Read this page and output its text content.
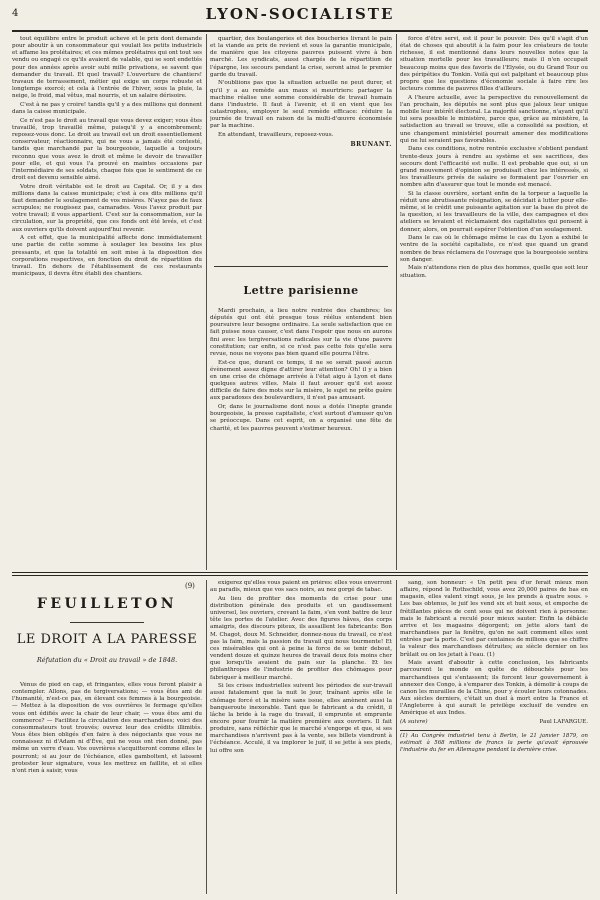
4	LYON-SOCIALISTE

tout équilibre entre le produit achevé et le prix dont demande pour aboutir à un consommateur qui voulait les petits industriels et affame les prolétaires; et ces mêmes prolétaires qui ont tout ses vendu ou engagé ce qu'ils avaient de valable, qui se sont endettés pour des années après avoir subi mille privations, se savent que demander du travail. Et quel travail? L'ouverture de chantiers! travaux de terrassement, métier qui exige un corps robuste et longtemps exercé; et cela à l'entrée de l'hiver, sous la pluie, la neige, le froid, mal vêtus, mal nourris, et un salaire dérisoire.

C'est à ne pas y croire! tandis qu'il y a des millions qui donnent dans la caisse municipale.

Ce n'est pas le droit au travail que vous devez exiger; vous êtes travaillé, trop travaillé même, puisqu'il y a encombrement; reposez-vous donc. Le droit au travail est un droit essentiellement conservateur, réactionnaire, qui ne vous a jamais été contesté, tandis que marchandé par la bourgeoisie, laquelle a toujours reconnu que vous avez le droit et même le devoir de travailler pour elle, et qui vous l'a prouvé en maintes occasions par l'intermédiaire de ses soldats, chaque fois que le sentiment de ce droit est devenu sensible aimé.

Votre droit véritable est le droit au Capital. Or, il y a des millions dans la caisse municipale; c'est à ces dits millions qu'il faut demander le soulagement de vos misères. N'ayez pas de faux scrupules; ne rougissez pas, camarades. Vous l'avez produit par votre travail; il vous appartient. C'est sur la consommation, sur la circulation, sur la propriété, que ces fonds ont été levés, et c'est aux ouvriers qu'ils doivent aujourd'hui revenir.

A cet effet, que la municipalité affecte donc immédiatement une partie de cette somme à soulager les besoins les plus pressants, et que la totalité en soit mise à la disposition des corporations respectives, en fonction du droit de répartition du travail. En dehors de l'établissement de ces restaurants municipaux, il devra être établi des chantiers.

quartier, des boulangeries et des boucheries livrant le pain et la viande au prix de revient et sous la garantie municipale, de manière que les citoyens pauvres puissent vivre à bon marché. Les syndicats, aussi chargés de la répartition de l'épargne, les secours pendant la crise, seront ainsi le premier garde du travail.

N'oubliions pas que la situation actuelle ne peut durer, et qu'il y a au remède aux maux si meurtriers: partager la machine réalise une somme considérable de travail humain dans l'industrie. Il faut à l'avenir, et il en vient que les catastrophes, employer le seul remède efficace: réduire la journée de travail en raison de la multi-d'œuvre économisée par la machine.

En attendant, travailleurs, reposez-vous.

BRUNANT.
Lettre parisienne

Mardi prochain, a lieu notre rentrée des chambres; les députés qui ont été presque tous réélus entendent bien poursuivre leur besogne ordinaire. La seule satisfaction que ce fait puisse nous causer, c'est dans l'espoir que nous en aurons fini avec les tergiversations radicales sur la vie d'une pauvre constitution; car enfin, si ce n'est pas cette fois qu'elle sera revue, nous ne voyons pas bien quand elle pourra l'être.

Est-ce que, durant ce temps, il ne se serait passé aucun évènement assez digne d'attirer leur attention? Oh! il y a bien en une crise de chômage arrivée à l'état aigu à Lyon et dans quelques autres villes. Mais il faut avouer qu'il est assez difficile de faire des mots sur la misère, le sujet ne prête guère aux paradoxes des boulevardiers, il n'est pas amusant.

Or, dans le journalisme dont nous a dotés l'inepte grande bourgeoisie, la presse capitaliste, c'est surtout d'amuser qu'on se préoccupe. Dans cet esprit, on a organisé une fête de charité, et les pauvres peuvent s'estimer heureux.

force d'être servi, est il pour le pouvoir. Dès qu'il s'agit d'un état de choses qui aboutit à la faim pour les créateurs de toute richesse, il est mentionné dans leurs nouvelles notes que la situation mortelle pour les travailleurs; mais il n'en occupait beaucoup moins que des favoris de l'Elysée, ou du Grand Tour ou des péripéties du Tonkin. Voilà qui est palpitant et beaucoup plus propre que les questions d'économie sociale à faire rire les lecteurs comme de pauvres filles d'ailleurs.

A l'heure actuelle, avec la perspective du renouvellement de l'an prochain, les députés ne sont plus que jaloux leur unique mobile leur intérêt électoral. La majorité sanctionne, n'ayant qu'il lui sera possible le ministère, parce que, grâce au ministère, la satisfaction au travail se trouve, elle a consolidé sa position, et une changement ministériel pourrait amener des modifications qui ne lui seraient pas favorables.

Dans ces conditions, notre rentrée exclusive s'obtient pendant trente-deux jours à rendre au système et ses sacrifices, des secours dont l'efficacité est nulle. Il est probable que oui, si un grand mouvement d'opinion se produisait chez les intéressés, si les travailleurs privés de salaire se formaient par l'ouvrier en nombre afin d'assurer que tout le monde est menacé.

Si la classe ouvrière, sortant enfin de la torpeur a laquelle la réduit une abrutissante résignation, se décidait à lutter pour elle-même, si le crédit une puissante agitation sur la base du pivot de la question, si les travailleurs de la ville, des campagnes et des ateliers se levaient et réclamaient des capitalistes qui pensent à donner, alors, on pourrait espérer l'obtention d'un soulagement.

Dans le cas où le chômage même le cas du Lyon a exhibé le ventre de la société capitaliste, ce n'est que quand un grand nombre de bras réclamera de l'ouvrage que la bourgeoisie sentira son danger.

Mais n'attendons rien de plus des hommes, quelle que soit leur situation.

(9)
FEUILLETON
LE DROIT A LA PARESSE
Réfutation du « Droit au travail » de 1848.

Vénus de pied en cap, et fringantes, elles vous feront plaisir à contempler. Allons, pas de tergiversations; — vous êtes ami de l'humanité, n'est-ce pas, en élevant ces femmes à la bourgeoisie. — Mettez à la disposition de vos ouvrières le fermage qu'elles vous ont édifiés avec la chair de leur chair, — vous êtes ami du commerce? — Facilitez la circulation des marchandises; voici des consommateurs tout trouvés; ouvrez leur des crédits illimités. Vous êtes bien obligés d'en faire à des négociants que vous ne connaissez ni d'Adam ni d'Ève, qui ne vous ont rien donné, pas même un verre d'eau. Vos ouvrières s'acquitteront comme elles le pourront; si au jour de l'échéance, elles gamboltent, et laissent protester leur signature, vous les mettrez en faillite, et si elles n'ont rien à saisir, vous

exigerez qu'elles vous paient en prières: elles vous enverront au paradis, mieux que vos sacs noirs, au nez gorgé de tabac.

Au lieu de profiter des moments de crise pour une distribution générale des produits et un gaudissement universel, les ouvriers, crevant la faim, s'en vont battre de leur tête les portes de l'atelier. Avec des figures hâves, des corps amaigris, des discours piteux, ils assaillent les fabricants: Bon M. Chagot, doux M. Schneider, donnez-nous du travail, ce n'est pas la faim, mais la passion du travail qui nous tourmente! Et ces misérables qui ont à peine la force de se tenir debout, vendent douze et quinze heures de travail deux fois moins cher que lorsqu'ils avaient du pain sur la planche. Et les philanthropes de l'industrie de profiter des chômages pour fabriquer à meilleur marché.

Si les crises industrielles suivent les périodes de sur-travail aussi fatalement que la nuit le jour, traînant après elle le chômage forcé et la misère sans issue, elles amènent aussi la banqueroute inexorable. Tant que le fabricant a du crédit, il lâche la bride à la rage du travail, il emprunte et emprunte encore pour fournir la matière première aux ouvriers. Il fait produire, sans réfléchir que le marché s'engorge et que, si ses marchandises n'arrivent pas à la vente, ses billets viendront à l'échéance. Acculé, il va implorer le juif, il se jette à ses pieds, lui offre son

sang, son honneur: « Un petit peu d'or ferait mieux mon affaire, répond le Rothschild, vous avez 20,000 paires de bas en magasin, elles valent vingt sous, je les prends à quatre sous. » Les bas obtenus, le juif les vend six et huit sous, et empoche de frétillantes pièces de cent sous qui ne doivent rien à personne: mais le fabricant a reculé pour mieux sauter. Enfin la débâcle arrive et les magasins dégorgent; on jette alors tant de marchandises par la fenêtre, qu'on ne sait comment elles sont entrées par la porte. C'est par centaines de millions que se chiffre la valeur des marchandises détruites; au siècle dernier on les brûlait ou on les jetait à l'eau. (1)

Mais avant d'aboutir à cette conclusion, les fabricants parcourent le monde en quête de débouchés pour les marchandises qui s'entassent; ils forcent leur gouvernement à annexer des Congo, à s'emparer des Tonkin, à démolir à coups de canon les murailles de la Chine, pour y écouler leurs cotonnades. Aux siècles derniers, c'était un duel à mort entre la France et l'Angleterre à qui aurait le privilège exclusif de vendre en Amérique et aux Indes.

(A suivre)	Paul LAFARGUE.
(1) Au Congrès industriel tenu à Berlin, le 21 janvier 1879, on estimait à 568 millions de francs la perte qu'avait éprouvée l'industrie du fer en Allemagne pendant la dernière crise.
